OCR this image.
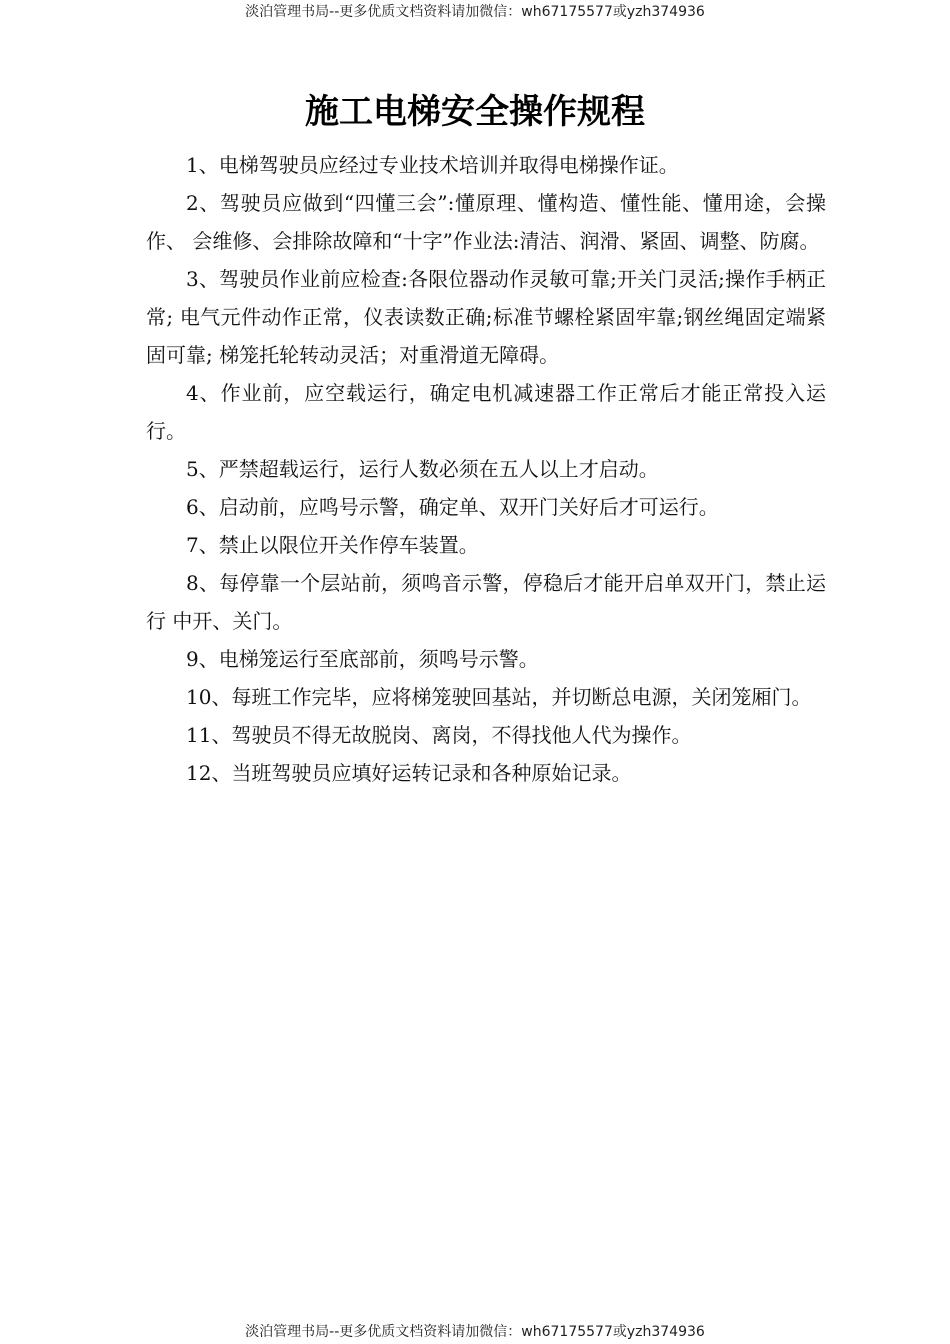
淡泊管理书局--更多优质文档资料请加微信：wh67175577或yzh374936
施工电梯安全操作规程

1、电梯驾驶员应经过专业技术培训并取得电梯操作证。

2、驾驶员应做到“四懂三会”:懂原理、懂构造、懂性能、懂用途，会操作、 会维修、会排除故障和“十字”作业法:清洁、润滑、紧固、调整、防腐。

3、驾驶员作业前应检查:各限位器动作灵敏可靠;开关门灵活;操作手柄正常; 电气元件动作正常，仪表读数正确;标准节螺栓紧固牢靠;钢丝绳固定端紧固可靠; 梯笼托轮转动灵活；对重滑道无障碍。

4、作业前，应空载运行，确定电机减速器工作正常后才能正常投入运行。

5、严禁超载运行，运行人数必须在五人以上才启动。

6、启动前，应鸣号示警，确定单、双开门关好后才可运行。

7、禁止以限位开关作停车装置。

8、每停靠一个层站前，须鸣音示警，停稳后才能开启单双开门，禁止运行 中开、关门。

9、电梯笼运行至底部前，须鸣号示警。

10、每班工作完毕，应将梯笼驶回基站，并切断总电源，关闭笼厢门。

11、驾驶员不得无故脱岗、离岗，不得找他人代为操作。

12、当班驾驶员应填好运转记录和各种原始记录。

淡泊管理书局--更多优质文档资料请加微信：wh67175577或yzh374936
